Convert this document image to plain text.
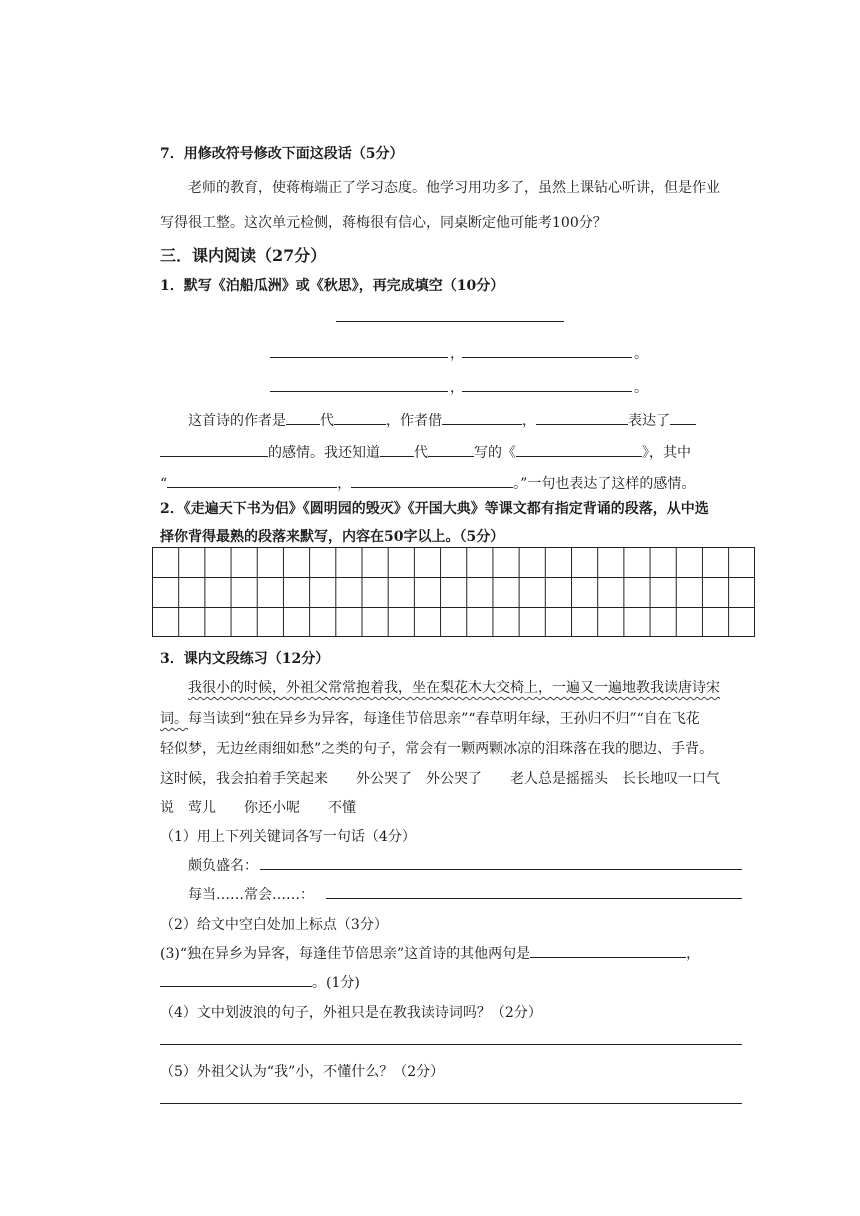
7．用修改符号修改下面这段话（5分）
老师的教育，使蒋梅端正了学习态度。他学习用功多了，虽然上课钻心听讲，但是作业
写得很工整。这次单元检侧，蒋梅很有信心，同桌断定他可能考100分？
三．课内阅读（27分）
1．默写《泊船瓜洲》或《秋思》，再完成填空（10分）
，	。
，	。
这首诗的作者是 代	，作者借	，	表达了
的感情。我还知道 代	写的《	》，其中
“	，	。”一句也表达了这样的感情。
2．《走遍天下书为侣》《圆明园的毁灭》《开国大典》等课文都有指定背诵的段落，从中选
择你背得最熟的段落来默写，内容在50字以上。（5分）
3．课内文段练习（12分）
我很小的时候，外祖父常常抱着我，坐在梨花木大交椅上，一遍又一遍地教我读唐诗宋
词。每当读到“独在异乡为异客，每逢佳节倍思亲”“春草明年绿，王孙归不归”“自在飞花
轻似梦，无边丝雨细如愁”之类的句子，常会有一颗两颗冰凉的泪珠落在我的腮边、手背。
这时候，我会拍着手笑起来　　外公哭了　外公哭了　　老人总是摇摇头　长长地叹一口气
说　莺儿　　你还小呢　　不懂
（1）用上下列关键词各写一句话（4分）
颇负盛名：
每当……常会……：
（2）给文中空白处加上标点（3分）
(3)“独在异乡为异客，每逢佳节倍思亲”这首诗的其他两句是	，
。(1分)
（4）文中划波浪的句子，外祖只是在教我读诗词吗？（2分）
（5）外祖父认为“我”小，不懂什么？（2分）
